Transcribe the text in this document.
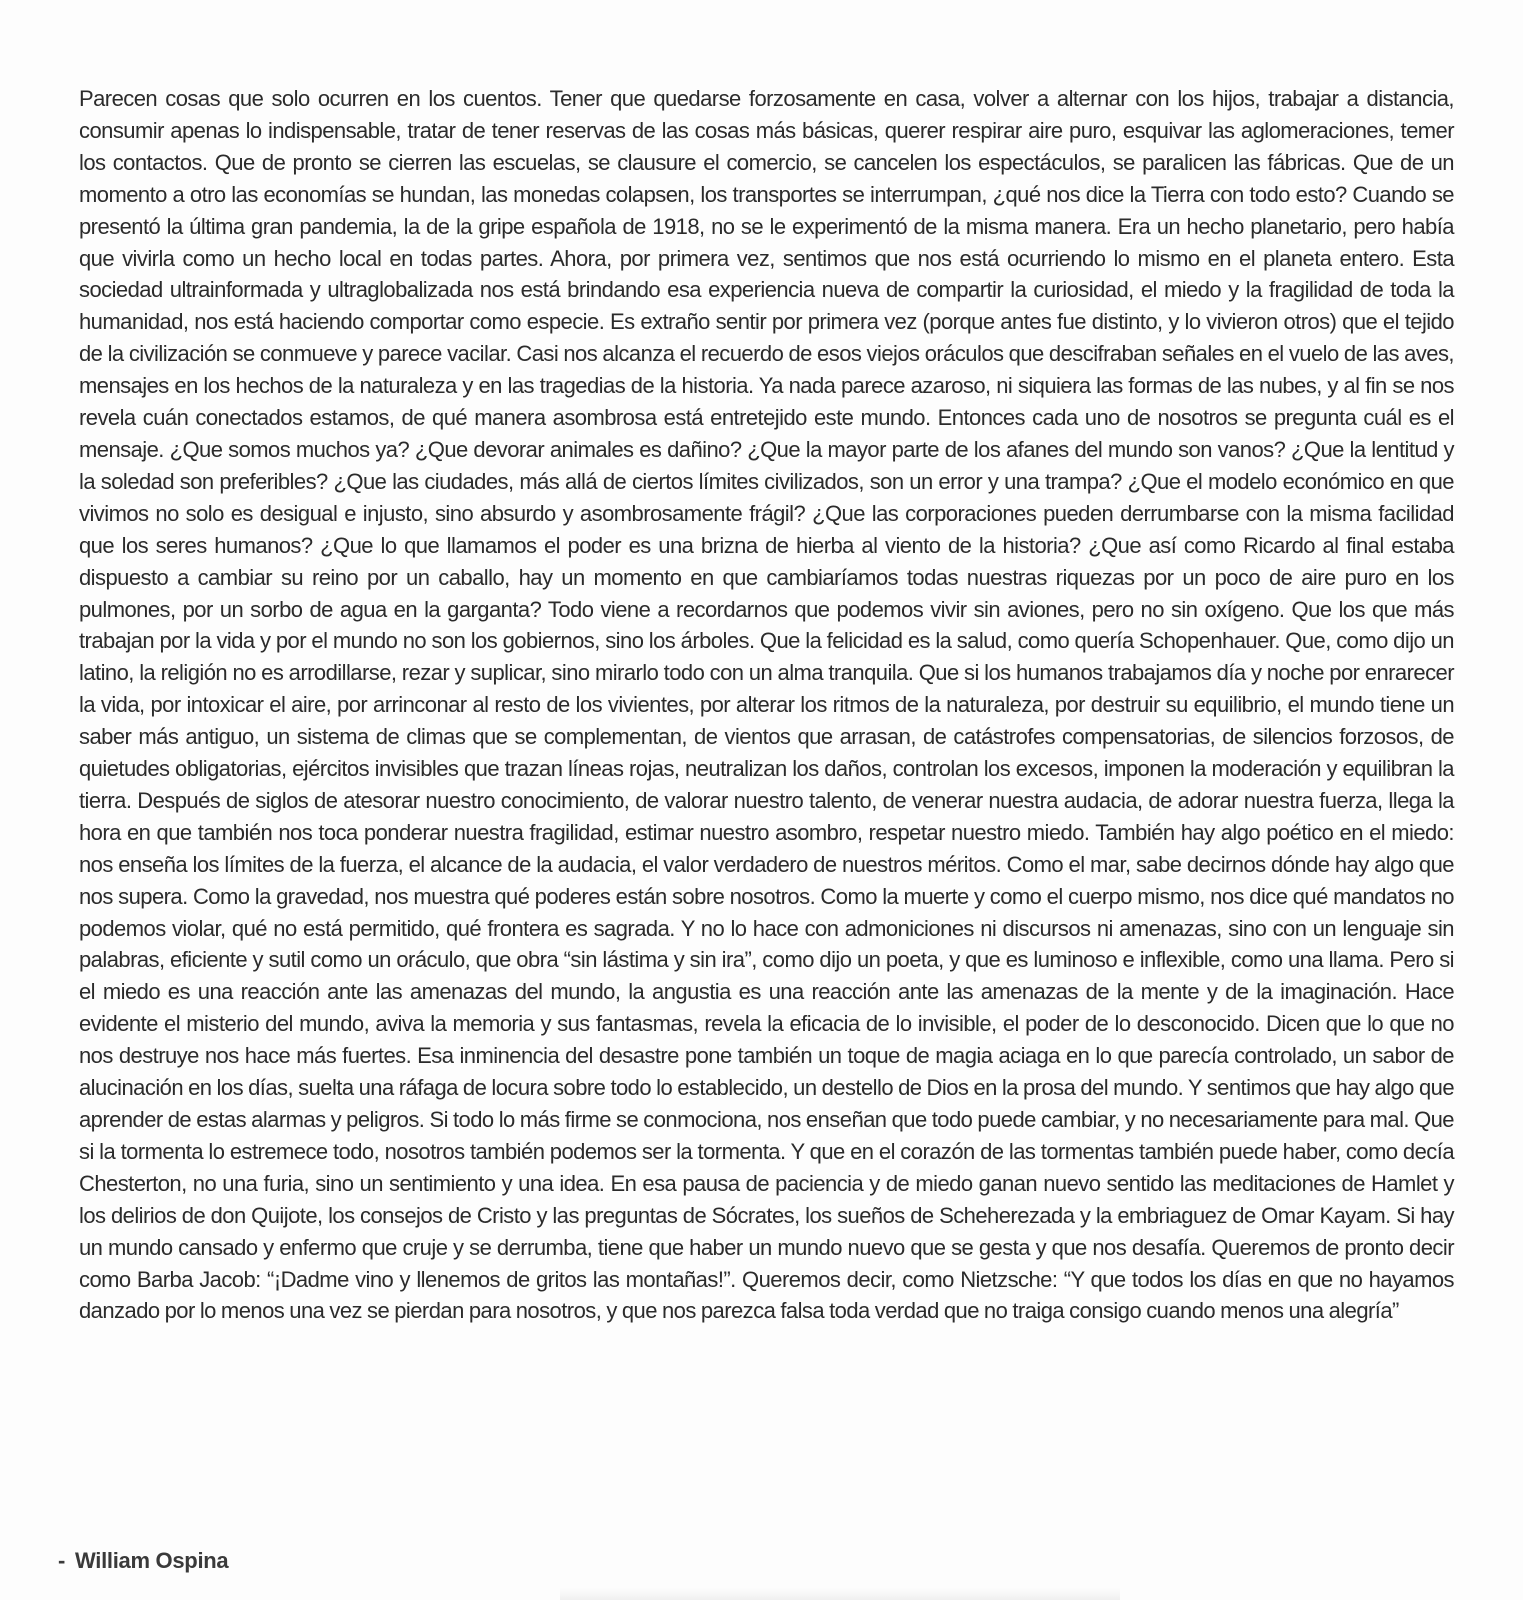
Parecen cosas que solo ocurren en los cuentos. Tener que quedarse forzosamente en casa, volver a alternar con los hijos, trabajar a distancia, consumir apenas lo indispensable, tratar de tener reservas de las cosas más básicas, querer respirar aire puro, esquivar las aglomeraciones, temer los contactos. Que de pronto se cierren las escuelas, se clausure el comercio, se cancelen los espectáculos, se paralicen las fábricas. Que de un momento a otro las economías se hundan, las monedas colapsen, los transportes se interrumpan, ¿qué nos dice la Tierra con todo esto? Cuando se presentó la última gran pandemia, la de la gripe española de 1918, no se le experimentó de la misma manera. Era un hecho planetario, pero había que vivirla como un hecho local en todas partes. Ahora, por primera vez, sentimos que nos está ocurriendo lo mismo en el planeta entero. Esta sociedad ultrainformada y ultraglobalizada nos está brindando esa experiencia nueva de compartir la curiosidad, el miedo y la fragilidad de toda la humanidad, nos está haciendo comportar como especie. Es extraño sentir por primera vez (porque antes fue distinto, y lo vivieron otros) que el tejido de la civilización se conmueve y parece vacilar. Casi nos alcanza el recuerdo de esos viejos oráculos que descifraban señales en el vuelo de las aves, mensajes en los hechos de la naturaleza y en las tragedias de la historia. Ya nada parece azaroso, ni siquiera las formas de las nubes, y al fin se nos revela cuán conectados estamos, de qué manera asombrosa está entretejido este mundo. Entonces cada uno de nosotros se pregunta cuál es el mensaje. ¿Que somos muchos ya? ¿Que devorar animales es dañino? ¿Que la mayor parte de los afanes del mundo son vanos? ¿Que la lentitud y la soledad son preferibles? ¿Que las ciudades, más allá de ciertos límites civilizados, son un error y una trampa? ¿Que el modelo económico en que vivimos no solo es desigual e injusto, sino absurdo y asombrosamente frágil? ¿Que las corporaciones pueden derrumbarse con la misma facilidad que los seres humanos? ¿Que lo que llamamos el poder es una brizna de hierba al viento de la historia? ¿Que así como Ricardo al final estaba dispuesto a cambiar su reino por un caballo, hay un momento en que cambiaríamos todas nuestras riquezas por un poco de aire puro en los pulmones, por un sorbo de agua en la garganta? Todo viene a recordarnos que podemos vivir sin aviones, pero no sin oxígeno. Que los que más trabajan por la vida y por el mundo no son los gobiernos, sino los árboles. Que la felicidad es la salud, como quería Schopenhauer. Que, como dijo un latino, la religión no es arrodillarse, rezar y suplicar, sino mirarlo todo con un alma tranquila. Que si los humanos trabajamos día y noche por enrarecer la vida, por intoxicar el aire, por arrinconar al resto de los vivientes, por alterar los ritmos de la naturaleza, por destruir su equilibrio, el mundo tiene un saber más antiguo, un sistema de climas que se complementan, de vientos que arrasan, de catástrofes compensatorias, de silencios forzosos, de quietudes obligatorias, ejércitos invisibles que trazan líneas rojas, neutralizan los daños, controlan los excesos, imponen la moderación y equilibran la tierra. Después de siglos de atesorar nuestro conocimiento, de valorar nuestro talento, de venerar nuestra audacia, de adorar nuestra fuerza, llega la hora en que también nos toca ponderar nuestra fragilidad, estimar nuestro asombro, respetar nuestro miedo. También hay algo poético en el miedo: nos enseña los límites de la fuerza, el alcance de la audacia, el valor verdadero de nuestros méritos. Como el mar, sabe decirnos dónde hay algo que nos supera. Como la gravedad, nos muestra qué poderes están sobre nosotros. Como la muerte y como el cuerpo mismo, nos dice qué mandatos no podemos violar, qué no está permitido, qué frontera es sagrada. Y no lo hace con admoniciones ni discursos ni amenazas, sino con un lenguaje sin palabras, eficiente y sutil como un oráculo, que obra “sin lástima y sin ira”, como dijo un poeta, y que es luminoso e inflexible, como una llama. Pero si el miedo es una reacción ante las amenazas del mundo, la angustia es una reacción ante las amenazas de la mente y de la imaginación. Hace evidente el misterio del mundo, aviva la memoria y sus fantasmas, revela la eficacia de lo invisible, el poder de lo desconocido. Dicen que lo que no nos destruye nos hace más fuertes. Esa inminencia del desastre pone también un toque de magia aciaga en lo que parecía controlado, un sabor de alucinación en los días, suelta una ráfaga de locura sobre todo lo establecido, un destello de Dios en la prosa del mundo. Y sentimos que hay algo que aprender de estas alarmas y peligros. Si todo lo más firme se conmociona, nos enseñan que todo puede cambiar, y no necesariamente para mal. Que si la tormenta lo estremece todo, nosotros también podemos ser la tormenta. Y que en el corazón de las tormentas también puede haber, como decía Chesterton, no una furia, sino un sentimiento y una idea. En esa pausa de paciencia y de miedo ganan nuevo sentido las meditaciones de Hamlet y los delirios de don Quijote, los consejos de Cristo y las preguntas de Sócrates, los sueños de Scheherezada y la embriaguez de Omar Kayam. Si hay un mundo cansado y enfermo que cruje y se derrumba, tiene que haber un mundo nuevo que se gesta y que nos desafía. Queremos de pronto decir como Barba Jacob: “¡Dadme vino y llenemos de gritos las montañas!”. Queremos decir, como Nietzsche: “Y que todos los días en que no hayamos danzado por lo menos una vez se pierdan para nosotros, y que nos parezca falsa toda verdad que no traiga consigo cuando menos una alegría”

- William Ospina
